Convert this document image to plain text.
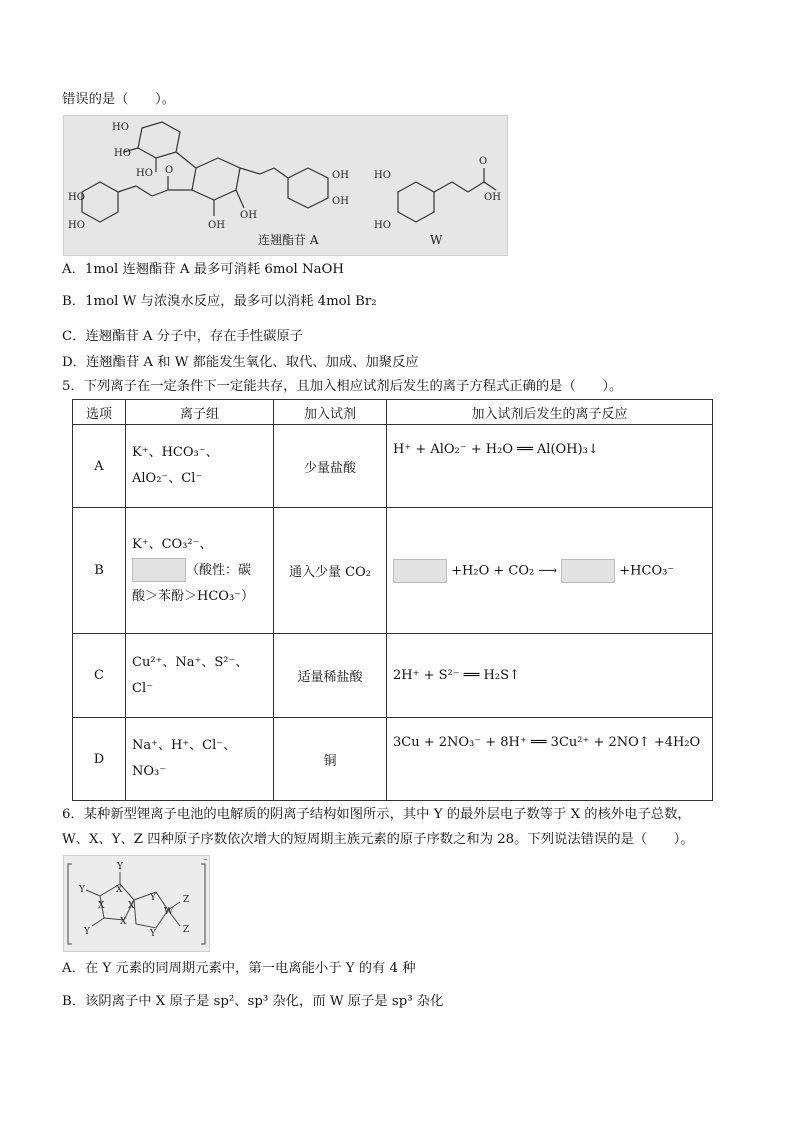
错误的是（　　）。
HO
HO
HO
HO
HO
OH
OH
OH
OH
O	HO
HO
O
OH
连翘酯苷 A	W
A．1mol 连翘酯苷 A 最多可消耗 6mol NaOH
B．1mol W 与浓溴水反应，最多可以消耗 4mol Br₂
C．连翘酯苷 A 分子中，存在手性碳原子
D．连翘酯苷 A 和 W 都能发生氧化、取代、加成、加聚反应
5．下列离子在一定条件下一定能共存，且加入相应试剂后发生的离子方程式正确的是（　　）。
选项	离子组	加入试剂	加入试剂后发生的离子反应
A	K⁺、HCO₃⁻、
AlO₂⁻、Cl⁻	少量盐酸	H⁺ + AlO₂⁻ + H₂O ══ Al(OH)₃↓
B	K⁺、CO₃²⁻、
（酸性：碳
酸＞苯酚＞HCO₃⁻）	通入少量 CO₂	+H₂O + CO₂ ⟶ +HCO₃⁻
C	Cu²⁺、Na⁺、S²⁻、
Cl⁻	适量稀盐酸	2H⁺ + S²⁻ ══ H₂S↑
D	Na⁺、H⁺、Cl⁻、
NO₃⁻	铜	3Cu + 2NO₃⁻ + 8H⁺ ══ 3Cu²⁺ + 2NO↑ +4H₂O
6．某种新型锂离子电池的电解质的阴离子结构如图所示，其中 Y 的最外层电子数等于 X 的核外电子总数，
W、X、Y、Z 四种原子序数依次增大的短周期主族元素的原子序数之和为 28。下列说法错误的是（　　）。
Y
Y
Y
X
X	X
X
Y
Y
W
Z
Z
⁻
A．在 Y 元素的同周期元素中，第一电离能小于 Y 的有 4 种
B．该阴离子中 X 原子是 sp²、sp³ 杂化，而 W 原子是 sp³ 杂化
